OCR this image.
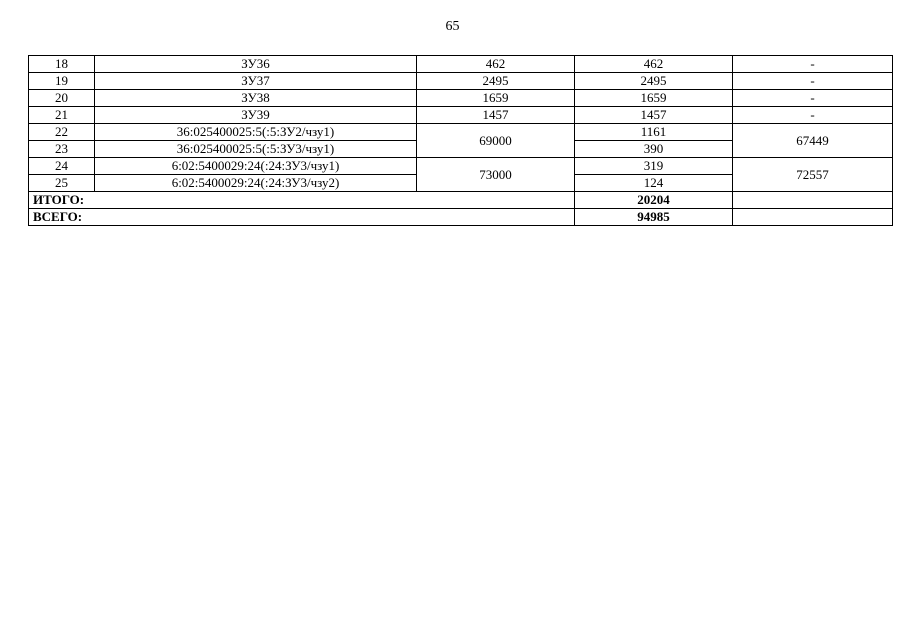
65
18	ЗУ36	462	462	-
19	ЗУ37	2495	2495	-
20	ЗУ38	1659	1659	-
21	ЗУ39	1457	1457	-
22	36:025400025:5(:5:ЗУ2/чзу1)	69000	1161	67449
23	36:025400025:5(:5:ЗУ3/чзу1)		390	
24	6:02:5400029:24(:24:ЗУ3/чзу1)	73000	319	72557
25	6:02:5400029:24(:24:ЗУ3/чзу2)		124	
ИТОГО:			20204	
ВСЕГО:			94985	
